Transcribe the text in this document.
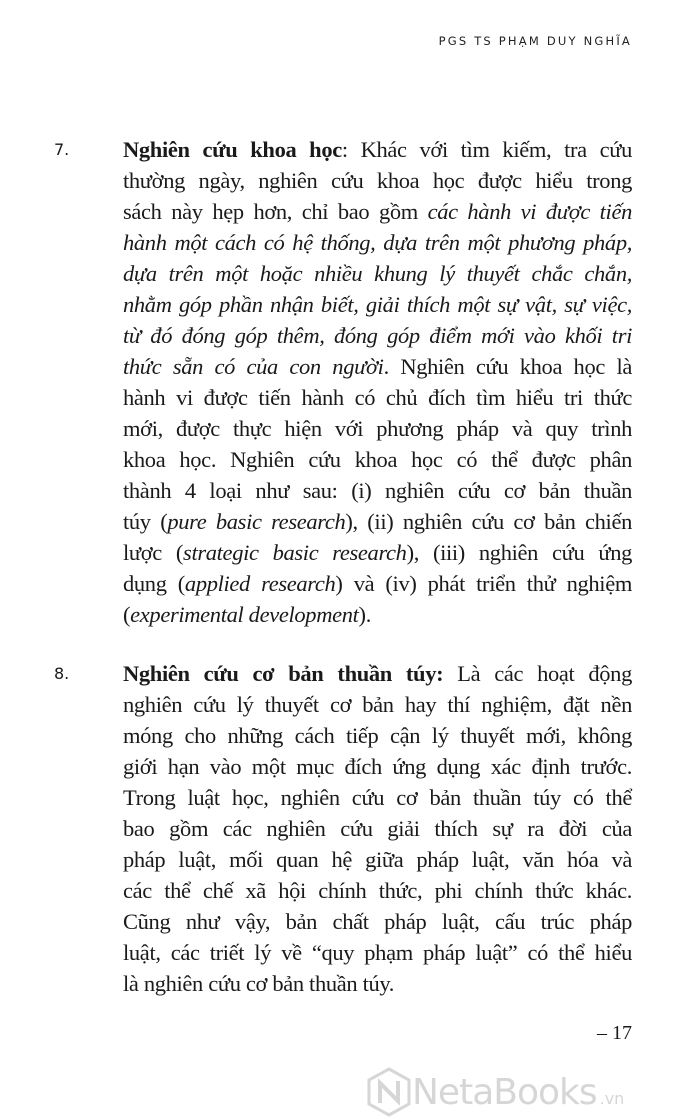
PGS TS PHẠM DUY NGHĨA
7. Nghiên cứu khoa học: Khác với tìm kiếm, tra cứu
thường ngày, nghiên cứu khoa học được hiểu trong
sách này hẹp hơn, chỉ bao gồm các hành vi được tiến
hành một cách có hệ thống, dựa trên một phương pháp,
dựa trên một hoặc nhiều khung lý thuyết chắc chắn,
nhằm góp phần nhận biết, giải thích một sự vật, sự việc,
từ đó đóng góp thêm, đóng góp điểm mới vào khối tri
thức sẵn có của con người. Nghiên cứu khoa học là
hành vi được tiến hành có chủ đích tìm hiểu tri thức
mới, được thực hiện với phương pháp và quy trình
khoa học. Nghiên cứu khoa học có thể được phân
thành 4 loại như sau: (i) nghiên cứu cơ bản thuần
túy (pure basic research), (ii) nghiên cứu cơ bản chiến
lược (strategic basic research), (iii) nghiên cứu ứng
dụng (applied research) và (iv) phát triển thử nghiệm
(experimental development).
8. Nghiên cứu cơ bản thuần túy: Là các hoạt động
nghiên cứu lý thuyết cơ bản hay thí nghiệm, đặt nền
móng cho những cách tiếp cận lý thuyết mới, không
giới hạn vào một mục đích ứng dụng xác định trước.
Trong luật học, nghiên cứu cơ bản thuần túy có thể
bao gồm các nghiên cứu giải thích sự ra đời của
pháp luật, mối quan hệ giữa pháp luật, văn hóa và
các thể chế xã hội chính thức, phi chính thức khác.
Cũng như vậy, bản chất pháp luật, cấu trúc pháp
luật, các triết lý về “quy phạm pháp luật” có thể hiểu
là nghiên cứu cơ bản thuần túy.
– 17
NetaBooks .vn
